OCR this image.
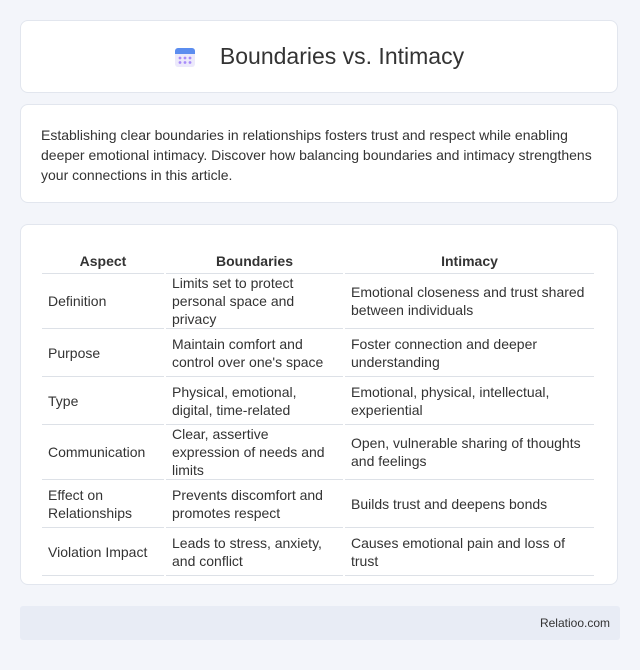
Boundaries vs. Intimacy

Establishing clear boundaries in relationships fosters trust and respect while enabling deeper emotional intimacy. Discover how balancing boundaries and intimacy strengthens your connections in this article.

Aspect	Boundaries	Intimacy
Definition	Limits set to protect personal space and privacy	Emotional closeness and trust shared between individuals
Purpose	Maintain comfort and control over one's space	Foster connection and deeper understanding
Type	Physical, emotional, digital, time-related	Emotional, physical, intellectual, experiential
Communication	Clear, assertive expression of needs and limits	Open, vulnerable sharing of thoughts and feelings
Effect on Relationships	Prevents discomfort and promotes respect	Builds trust and deepens bonds
Violation Impact	Leads to stress, anxiety, and conflict	Causes emotional pain and loss of trust
Relatioo.com
